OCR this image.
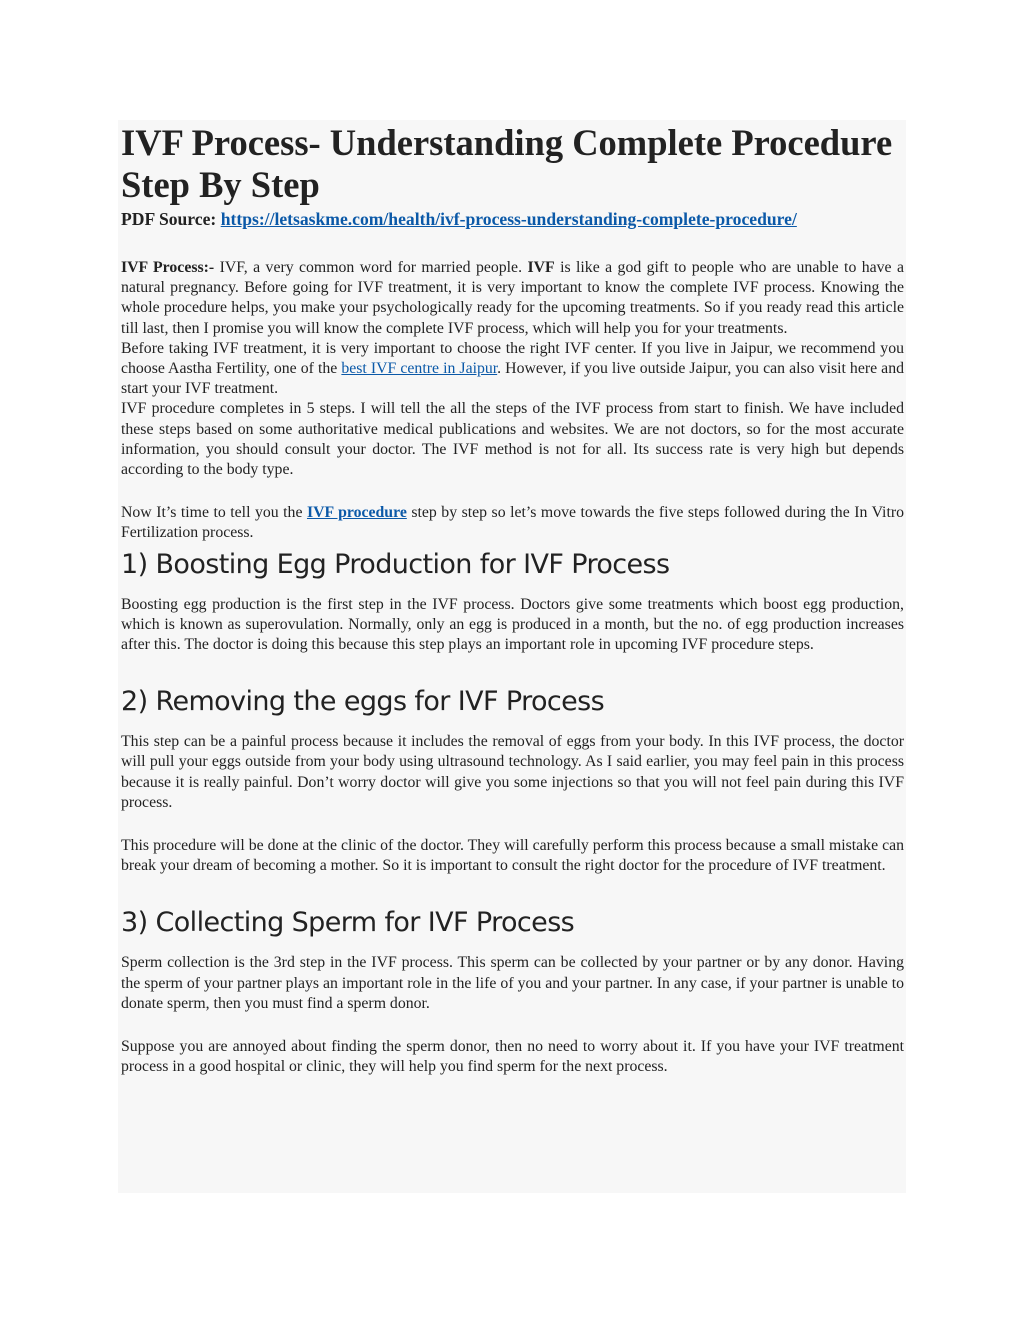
IVF Process- Understanding Complete Procedure Step By Step
PDF Source: https://letsaskme.com/health/ivf-process-understanding-complete-procedure/

IVF Process:- IVF, a very common word for married people. IVF is like a god gift to people who are unable to have a natural pregnancy. Before going for IVF treatment, it is very important to know the complete IVF process. Knowing the whole procedure helps, you make your psychologically ready for the upcoming treatments. So if you ready read this article till last, then I promise you will know the complete IVF process, which will help you for your treatments.

Before taking IVF treatment, it is very important to choose the right IVF center. If you live in Jaipur, we recommend you choose Aastha Fertility, one of the best IVF centre in Jaipur. However, if you live outside Jaipur, you can also visit here and start your IVF treatment.

IVF procedure completes in 5 steps. I will tell the all the steps of the IVF process from start to finish. We have included these steps based on some authoritative medical publications and websites. We are not doctors, so for the most accurate information, you should consult your doctor. The IVF method is not for all. Its success rate is very high but depends according to the body type.

Now It’s time to tell you the IVF procedure step by step so let’s move towards the five steps followed during the In Vitro Fertilization process.

1) Boosting Egg Production for IVF Process

Boosting egg production is the first step in the IVF process. Doctors give some treatments which boost egg production, which is known as superovulation. Normally, only an egg is produced in a month, but the no. of egg production increases after this. The doctor is doing this because this step plays an important role in upcoming IVF procedure steps.

2) Removing the eggs for IVF Process

This step can be a painful process because it includes the removal of eggs from your body. In this IVF process, the doctor will pull your eggs outside from your body using ultrasound technology. As I said earlier, you may feel pain in this process because it is really painful. Don’t worry doctor will give you some injections so that you will not feel pain during this IVF process.

This procedure will be done at the clinic of the doctor. They will carefully perform this process because a small mistake can break your dream of becoming a mother. So it is important to consult the right doctor for the procedure of IVF treatment.

3) Collecting Sperm for IVF Process

Sperm collection is the 3rd step in the IVF process. This sperm can be collected by your partner or by any donor. Having the sperm of your partner plays an important role in the life of you and your partner. In any case, if your partner is unable to donate sperm, then you must find a sperm donor.

Suppose you are annoyed about finding the sperm donor, then no need to worry about it. If you have your IVF treatment process in a good hospital or clinic, they will help you find sperm for the next process.
